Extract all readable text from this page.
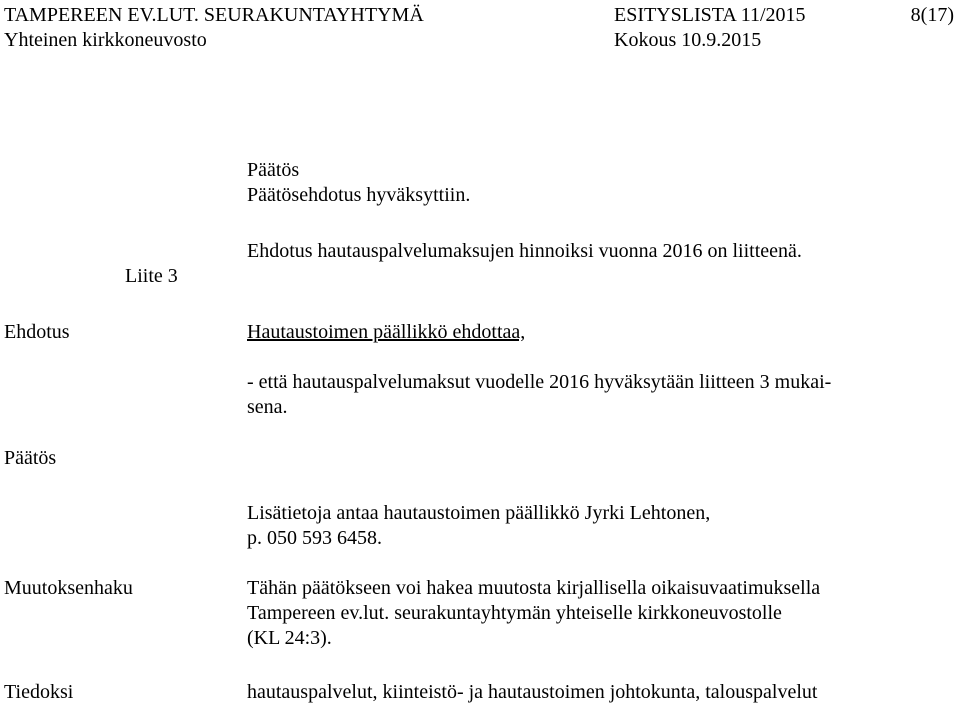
TAMPEREEN EV.LUT. SEURAKUNTAYHTYMÄ	ESITYSLISTA 11/2015	8(17)
Yhteinen kirkkoneuvosto	Kokous 10.9.2015
Päätös
Päätösehdotus hyväksyttiin.
Liite 3
Ehdotus hautauspalvelumaksujen hinnoiksi vuonna 2016 on liitteenä.
Ehdotus	Hautaustoimen päällikkö ehdottaa,
- että hautauspalvelumaksut vuodelle 2016 hyväksytään liitteen 3 mukai-
sena.
Päätös
Lisätietoja antaa hautaustoimen päällikkö Jyrki Lehtonen,
p. 050 593 6458.
Muutoksenhaku	Tähän päätökseen voi hakea muutosta kirjallisella oikaisuvaatimuksella
Tampereen ev.lut. seurakuntayhtymän yhteiselle kirkkoneuvostolle
(KL 24:3).
Tiedoksi	hautauspalvelut, kiinteistö- ja hautaustoimen johtokunta, talouspalvelut
